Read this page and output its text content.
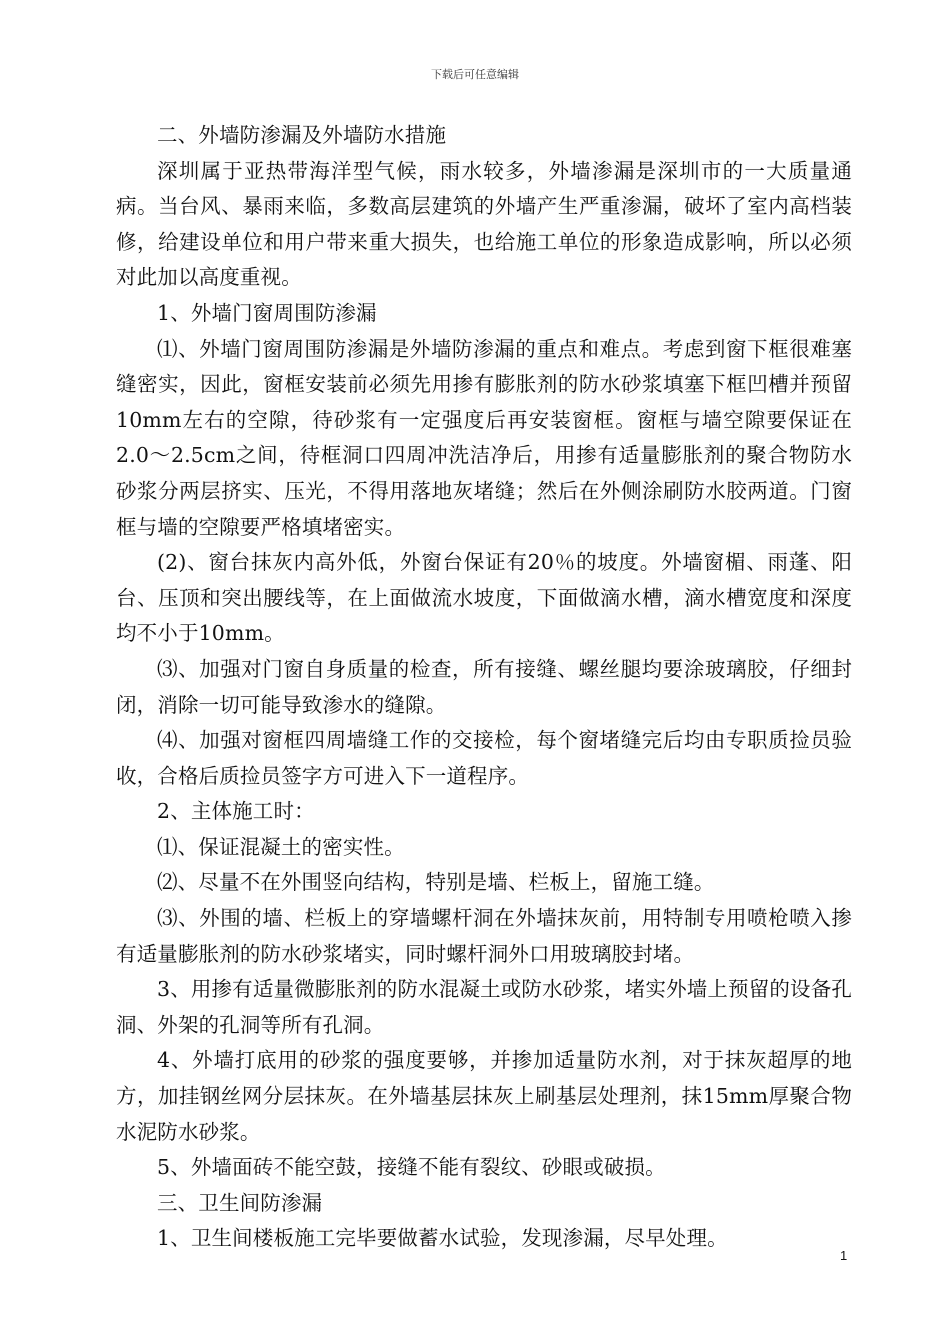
下载后可任意编辑

二、外墙防渗漏及外墙防水措施

深圳属于亚热带海洋型气候，雨水较多，外墙渗漏是深圳市的一大质量通病。当台风、暴雨来临，多数高层建筑的外墙产生严重渗漏，破坏了室内高档装修，给建设单位和用户带来重大损失，也给施工单位的形象造成影响，所以必须对此加以高度重视。

1、外墙门窗周围防渗漏

⑴、外墙门窗周围防渗漏是外墙防渗漏的重点和难点。考虑到窗下框很难塞缝密实，因此，窗框安装前必须先用掺有膨胀剂的防水砂浆填塞下框凹槽并预留10mm左右的空隙，待砂浆有一定强度后再安装窗框。窗框与墙空隙要保证在2.0～2.5cm之间，待框洞口四周冲洗洁净后，用掺有适量膨胀剂的聚合物防水砂浆分两层挤实、压光，不得用落地灰堵缝；然后在外侧涂刷防水胶两道。门窗框与墙的空隙要严格填堵密实。

(2)、窗台抹灰内高外低，外窗台保证有20％的坡度。外墙窗楣、雨蓬、阳台、压顶和突出腰线等，在上面做流水坡度，下面做滴水槽，滴水槽宽度和深度均不小于10mm。

⑶、加强对门窗自身质量的检查，所有接缝、螺丝腿均要涂玻璃胶，仔细封闭，消除一切可能导致渗水的缝隙。

⑷、加强对窗框四周墙缝工作的交接检，每个窗堵缝完后均由专职质捡员验收，合格后质捡员签字方可进入下一道程序。

2、主体施工时：

⑴、保证混凝土的密实性。

⑵、尽量不在外围竖向结构，特别是墙、栏板上，留施工缝。

⑶、外围的墙、栏板上的穿墙螺杆洞在外墙抹灰前，用特制专用喷枪喷入掺有适量膨胀剂的防水砂浆堵实，同时螺杆洞外口用玻璃胶封堵。

3、用掺有适量微膨胀剂的防水混凝土或防水砂浆，堵实外墙上预留的设备孔洞、外架的孔洞等所有孔洞。

4、外墙打底用的砂浆的强度要够，并掺加适量防水剂，对于抹灰超厚的地方，加挂钢丝网分层抹灰。在外墙基层抹灰上刷基层处理剂，抹15mm厚聚合物水泥防水砂浆。

5、外墙面砖不能空鼓，接缝不能有裂纹、砂眼或破损。

三、卫生间防渗漏

1、卫生间楼板施工完毕要做蓄水试验，发现渗漏，尽早处理。

1
